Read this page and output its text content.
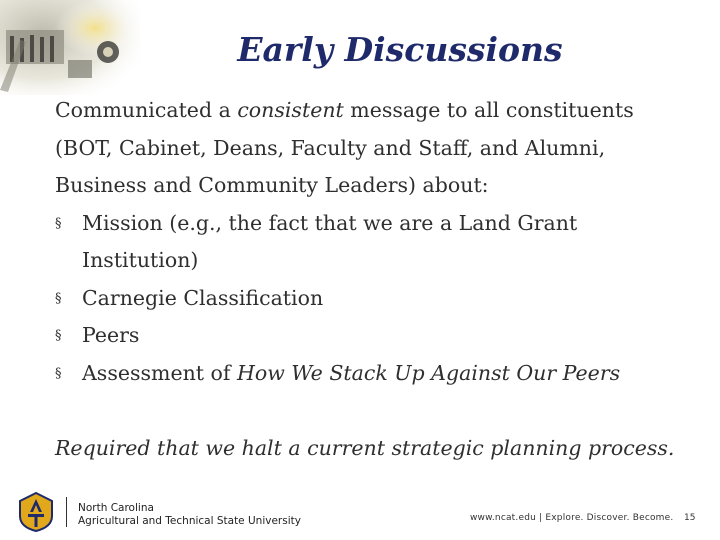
Early Discussions

Communicated a consistent message to all constituents (BOT, Cabinet, Deans, Faculty and Staff, and Alumni, Business and Community Leaders) about:

§ Mission (e.g., the fact that we are a Land Grant Institution)
§ Carnegie Classification
§ Peers
§ Assessment of How We Stack Up Against Our Peers

Required that we halt a current strategic planning process.

North Carolina
Agricultural and Technical State University	www.ncat.edu | Explore. Discover. Become. 15
